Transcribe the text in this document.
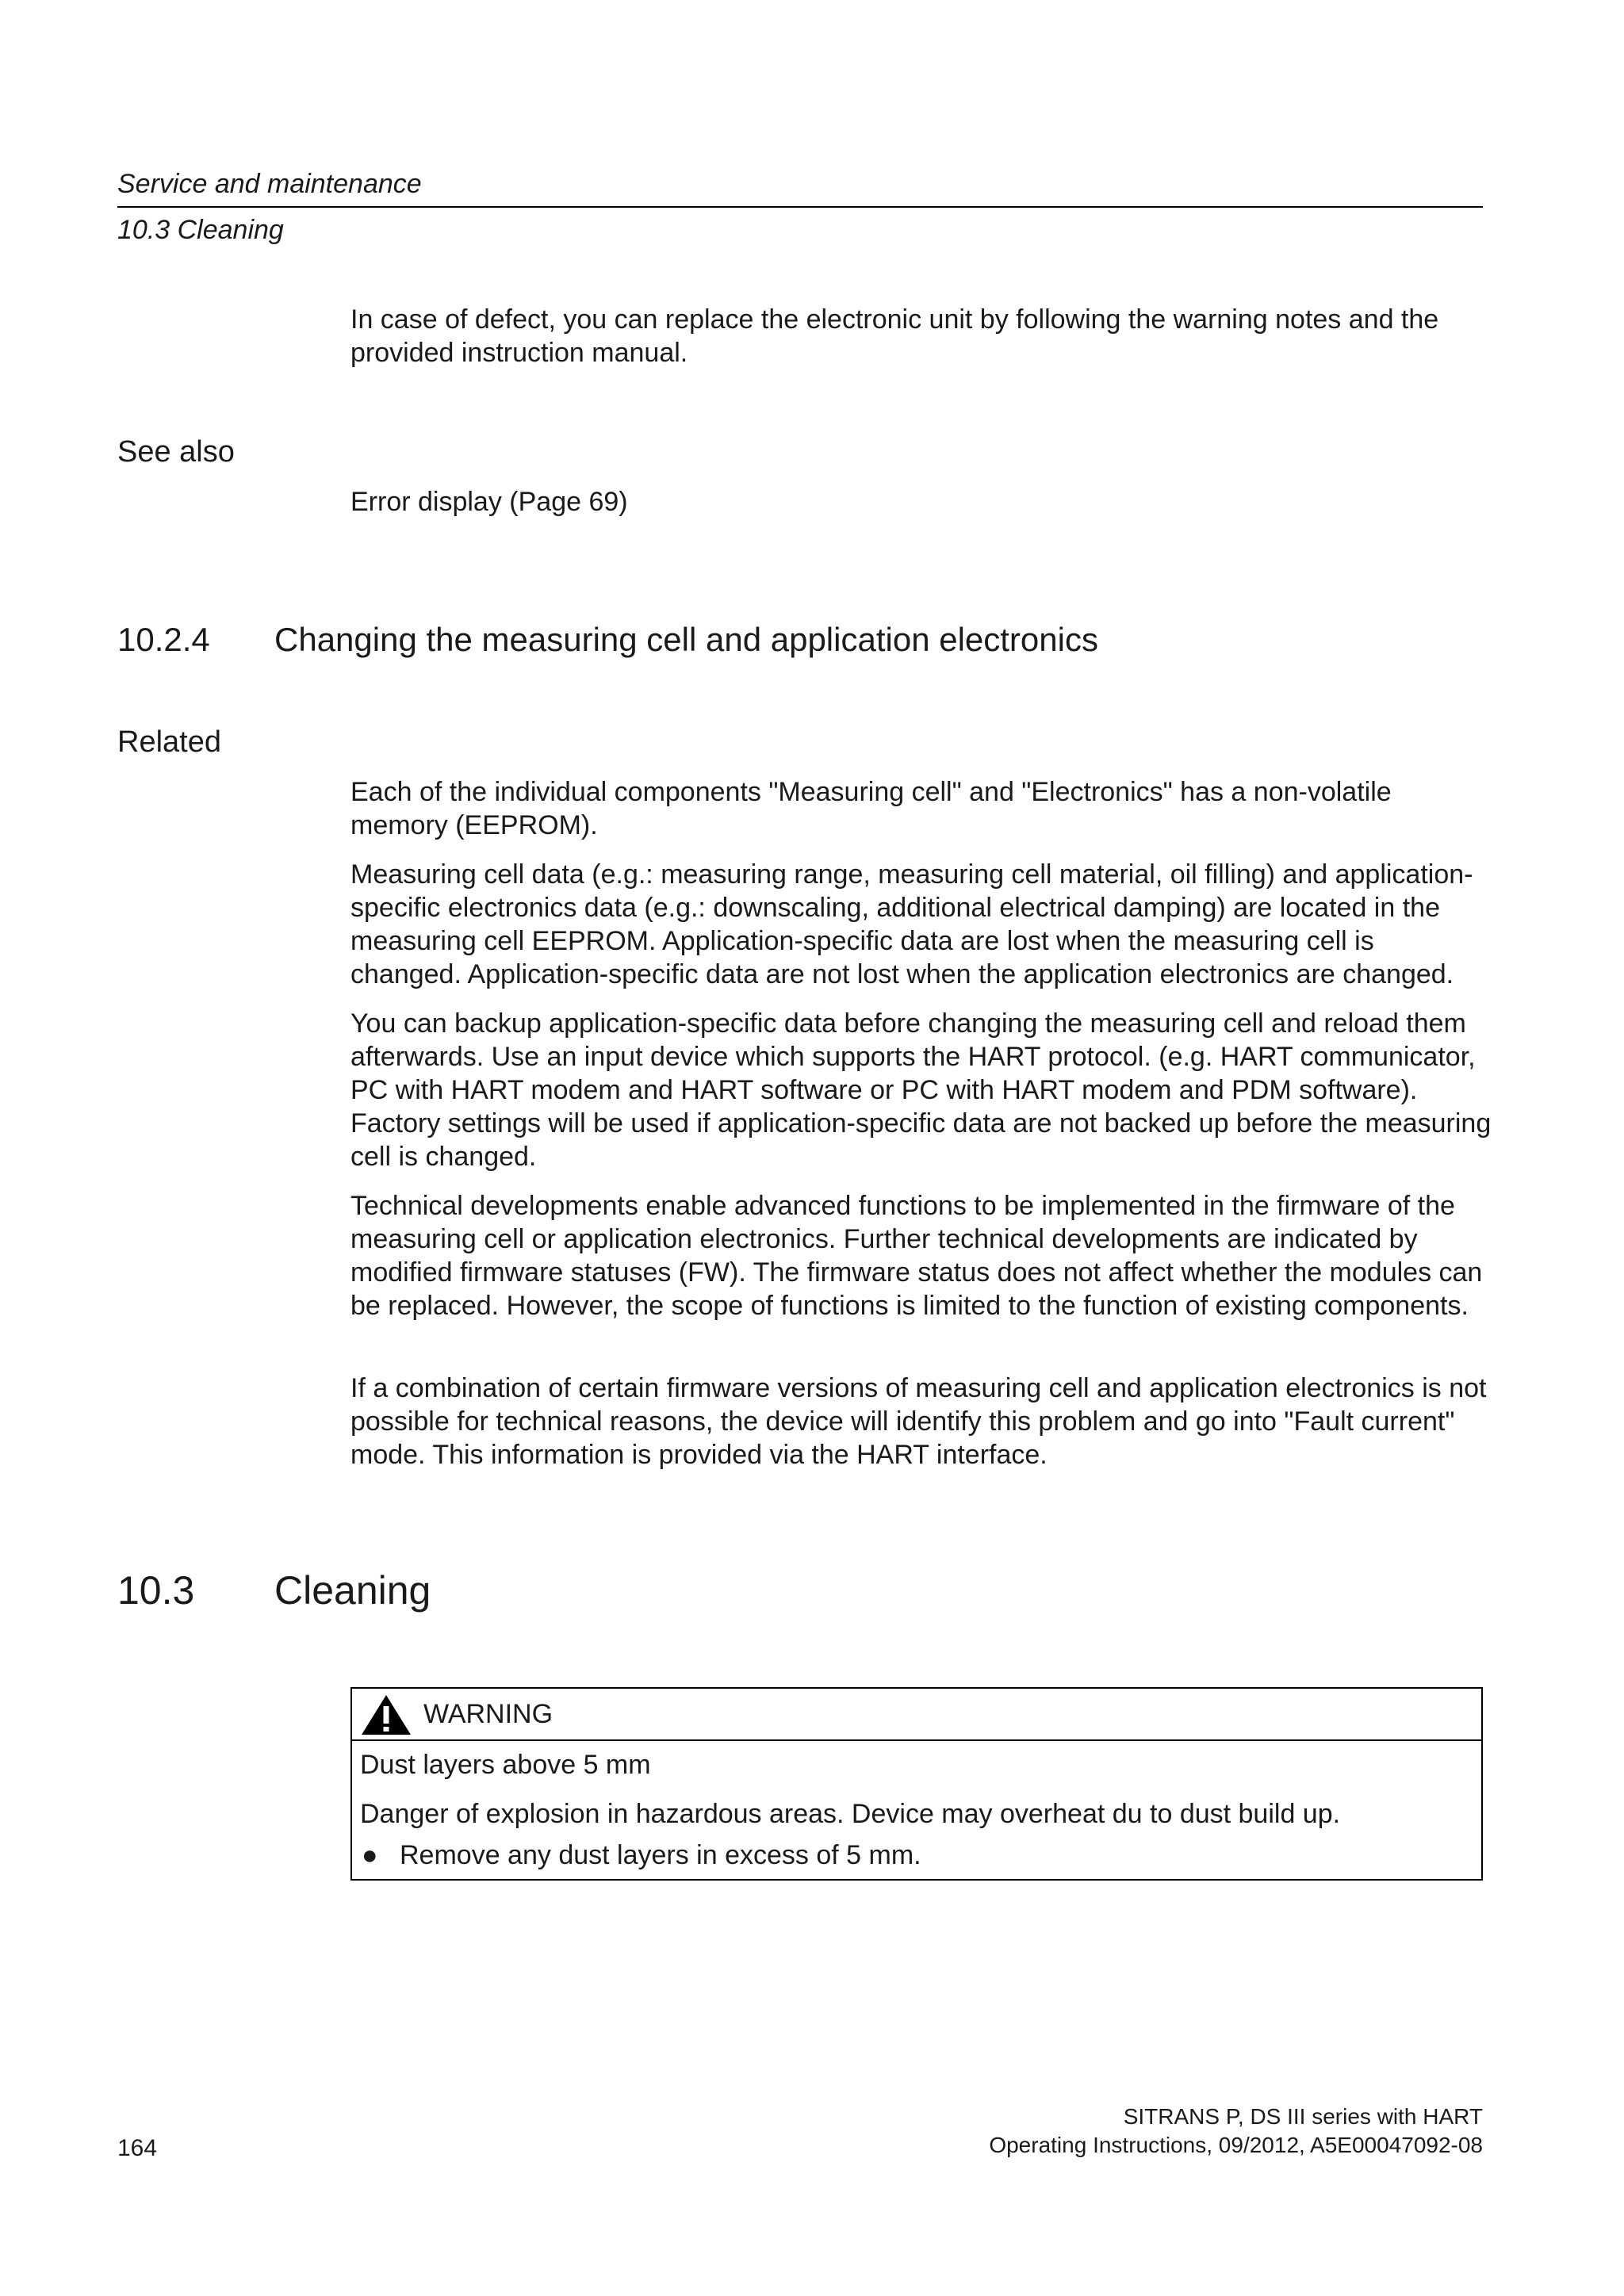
Service and maintenance
10.3 Cleaning

In case of defect, you can replace the electronic unit by following the warning notes and the provided instruction manual.

See also

Error display (Page 69)

10.2.4 Changing the measuring cell and application electronics
Related

Each of the individual components "Measuring cell" and "Electronics" has a non-volatile memory (EEPROM).

Measuring cell data (e.g.: measuring range, measuring cell material, oil filling) and application-specific electronics data (e.g.: downscaling, additional electrical damping) are located in the measuring cell EEPROM. Application-specific data are lost when the measuring cell is changed. Application-specific data are not lost when the application electronics are changed.

You can backup application-specific data before changing the measuring cell and reload them afterwards. Use an input device which supports the HART protocol. (e.g. HART communicator, PC with HART modem and HART software or PC with HART modem and PDM software). Factory settings will be used if application-specific data are not backed up before the measuring cell is changed.

Technical developments enable advanced functions to be implemented in the firmware of the measuring cell or application electronics. Further technical developments are indicated by modified firmware statuses (FW). The firmware status does not affect whether the modules can be replaced. However, the scope of functions is limited to the function of existing components.

If a combination of certain firmware versions of measuring cell and application electronics is not possible for technical reasons, the device will identify this problem and go into "Fault current" mode. This information is provided via the HART interface.

10.3 Cleaning
WARNING
Dust layers above 5 mm
Danger of explosion in hazardous areas. Device may overheat du to dust build up.
● Remove any dust layers in excess of 5 mm.
164
SITRANS P, DS III series with HART
Operating Instructions, 09/2012, A5E00047092-08
